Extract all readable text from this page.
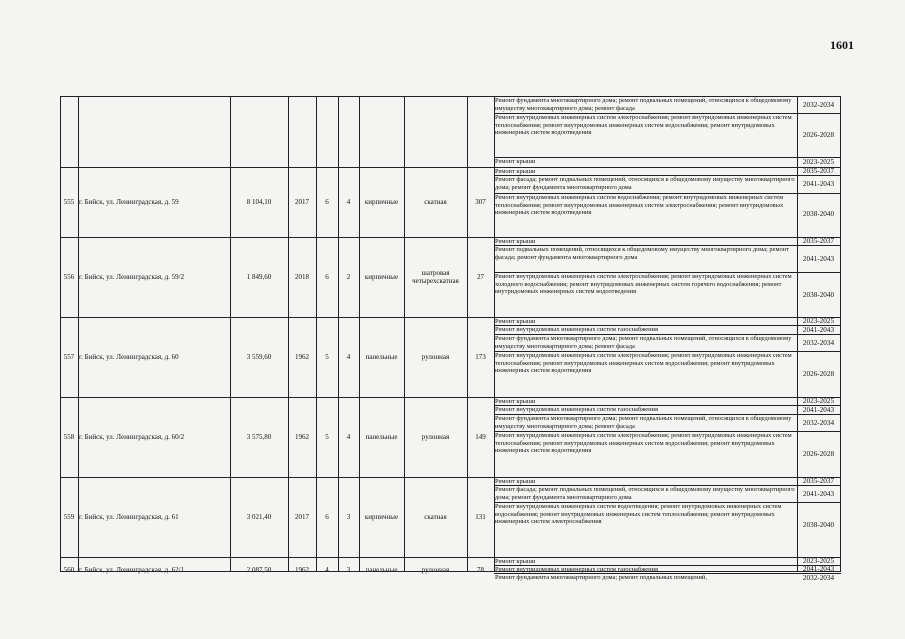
1601
Ремонт фундамента многоквартирного дома; ремонт подвальных помещений, относящихся к общедомовому имуществу многоквартирного дома; ремонт фасада	2032-2034
Ремонт внутридомовых инженерных систем электроснабжения; ремонт внутридомовых инженерных систем теплоснабжения; ремонт внутридомовых инженерных систем водоснабжения; ремонт внутридомовых инженерных систем водоотведения	2026-2028
Ремонт крыши	2023-2025
555 г. Бийск, ул. Ленинградская, д. 59	8 104,10	2017	6	4	кирпичные	скатная	307
Ремонт крыши	2035-2037
Ремонт фасада; ремонт подвальных помещений, относящихся к общедомовому имуществу многоквартирного дома; ремонт фундамента многоквартирного дома	2041-2043
Ремонт внутридомовых инженерных систем водоснабжения; ремонт внутридомовых инженерных систем теплоснабжения; ремонт внутридомовых инженерных систем электроснабжения; ремонт внутридомовых инженерных систем водоотведения	2038-2040
556 г. Бийск, ул. Ленинградская, д. 59/2	1 849,60	2018	6	2	кирпичные	шатровая четырехскатная	27
Ремонт крыши	2035-2037
Ремонт подвальных помещений, относящихся к общедомовому имуществу многоквартирного дома; ремонт фасада; ремонт фундамента многоквартирного дома	2041-2043
Ремонт внутридомовых инженерных систем электроснабжения; ремонт внутридомовых инженерных систем холодного водоснабжения; ремонт внутридомовых инженерных систем горячего водоснабжения; ремонт внутридомовых инженерных систем водоотведения	2038-2040
557 г. Бийск, ул. Ленинградская, д. 60	3 559,60	1962	5	4	панельные	рулонная	173
Ремонт крыши	2023-2025
Ремонт внутридомовых инженерных систем газоснабжения	2041-2043
Ремонт фундамента многоквартирного дома; ремонт подвальных помещений, относящихся к общедомовому имуществу многоквартирного дома; ремонт фасада	2032-2034
Ремонт внутридомовых инженерных систем электроснабжения; ремонт внутридомовых инженерных систем теплоснабжения; ремонт внутридомовых инженерных систем водоснабжения; ремонт внутридомовых инженерных систем водоотведения	2026-2028
558 г. Бийск, ул. Ленинградская, д. 60/2	3 575,80	1962	5	4	панельные	рулонная	149
Ремонт крыши	2023-2025
Ремонт внутридомовых инженерных систем газоснабжения	2041-2043
Ремонт фундамента многоквартирного дома; ремонт подвальных помещений, относящихся к общедомовому имуществу многоквартирного дома; ремонт фасада	2032-2034
Ремонт внутридомовых инженерных систем электроснабжения; ремонт внутридомовых инженерных систем теплоснабжения; ремонт внутридомовых инженерных систем водоснабжения; ремонт внутридомовых инженерных систем водоотведения	2026-2028
559 г. Бийск, ул. Ленинградская, д. 61	3 021,40	2017	6	3	кирпичные	скатная	131
Ремонт крыши	2035-2037
Ремонт фасада; ремонт подвальных помещений, относящихся к общедомовому имуществу многоквартирного дома; ремонт фундамента многоквартирного дома	2041-2043
Ремонт внутридомовых инженерных систем водоотведения; ремонт внутридомовых инженерных систем водоснабжения; ремонт внутридомовых инженерных систем теплоснабжения; ремонт внутридомовых инженерных систем электроснабжения	2038-2040
560 г. Бийск, ул. Ленинградская, д. 62/1	2 087,50	1962	4	3	панельные	рулонная	78
Ремонт крыши	2023-2025
Ремонт внутридомовых инженерных систем газоснабжения	2041-2043
Ремонт фундамента многоквартирного дома; ремонт подвальных помещений,	2032-2034
